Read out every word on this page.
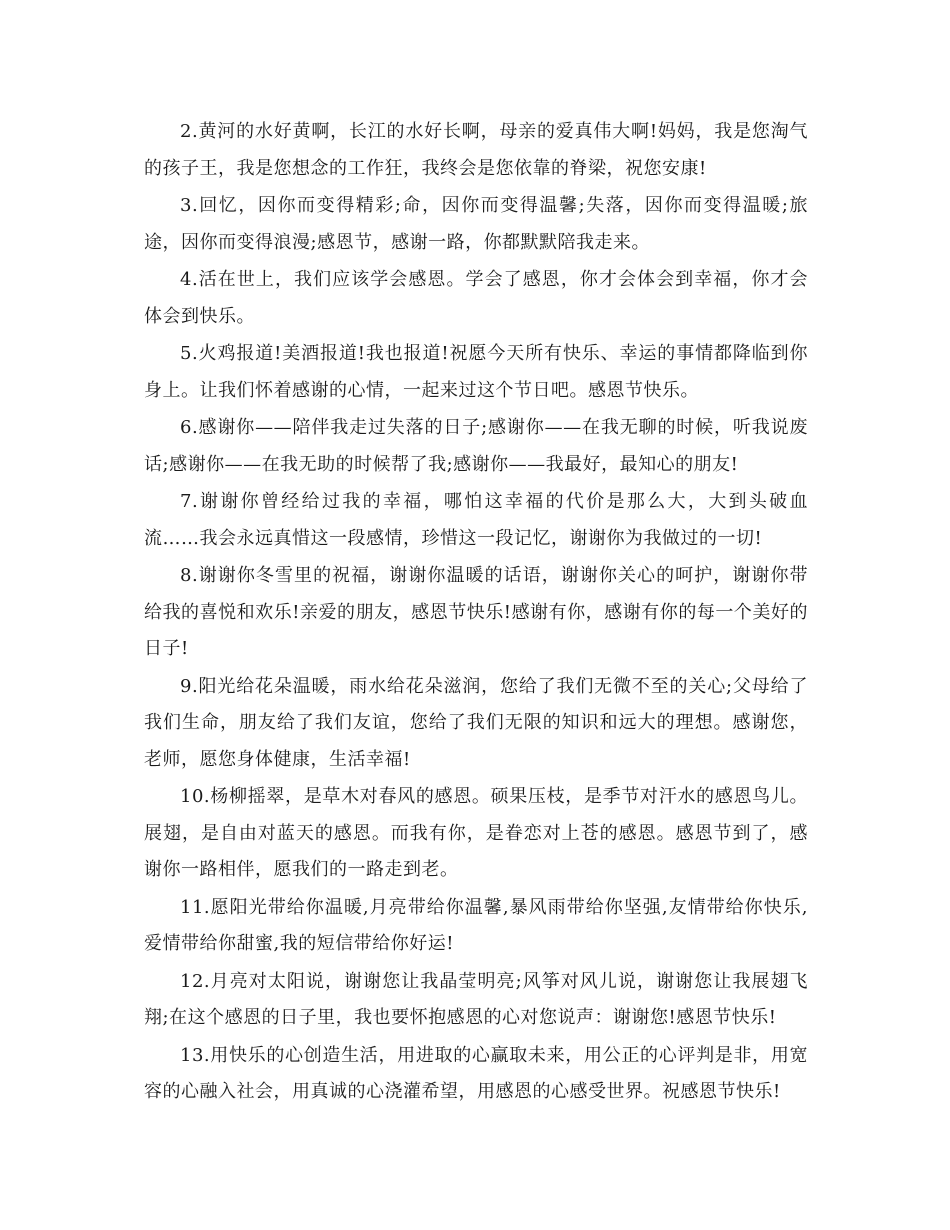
2.黄河的水好黄啊，长江的水好长啊，母亲的爱真伟大啊!妈妈，我是您淘气的孩子王，我是您想念的工作狂，我终会是您依靠的脊梁，祝您安康!

3.回忆，因你而变得精彩;命，因你而变得温馨;失落，因你而变得温暖;旅途，因你而变得浪漫;感恩节，感谢一路，你都默默陪我走来。

4.活在世上，我们应该学会感恩。学会了感恩，你才会体会到幸福，你才会体会到快乐。

5.火鸡报道!美酒报道!我也报道!祝愿今天所有快乐、幸运的事情都降临到你身上。让我们怀着感谢的心情，一起来过这个节日吧。感恩节快乐。

6.感谢你——陪伴我走过失落的日子;感谢你——在我无聊的时候，听我说废话;感谢你——在我无助的时候帮了我;感谢你——我最好，最知心的朋友!

7.谢谢你曾经给过我的幸福，哪怕这幸福的代价是那么大，大到头破血流……我会永远真惜这一段感情，珍惜这一段记忆，谢谢你为我做过的一切!

8.谢谢你冬雪里的祝福，谢谢你温暖的话语，谢谢你关心的呵护，谢谢你带给我的喜悦和欢乐!亲爱的朋友，感恩节快乐!感谢有你，感谢有你的每一个美好的日子!

9.阳光给花朵温暖，雨水给花朵滋润，您给了我们无微不至的关心;父母给了我们生命，朋友给了我们友谊，您给了我们无限的知识和远大的理想。感谢您，老师，愿您身体健康，生活幸福!

10.杨柳摇翠，是草木对春风的感恩。硕果压枝，是季节对汗水的感恩鸟儿。展翅，是自由对蓝天的感恩。而我有你，是眷恋对上苍的感恩。感恩节到了，感谢你一路相伴，愿我们的一路走到老。

11.愿阳光带给你温暖,月亮带给你温馨,暴风雨带给你坚强,友情带给你快乐,爱情带给你甜蜜,我的短信带给你好运!

12.月亮对太阳说，谢谢您让我晶莹明亮;风筝对风儿说，谢谢您让我展翅飞翔;在这个感恩的日子里，我也要怀抱感恩的心对您说声：谢谢您!感恩节快乐!

13.用快乐的心创造生活，用进取的心赢取未来，用公正的心评判是非，用宽容的心融入社会，用真诚的心浇灌希望，用感恩的心感受世界。祝感恩节快乐!
